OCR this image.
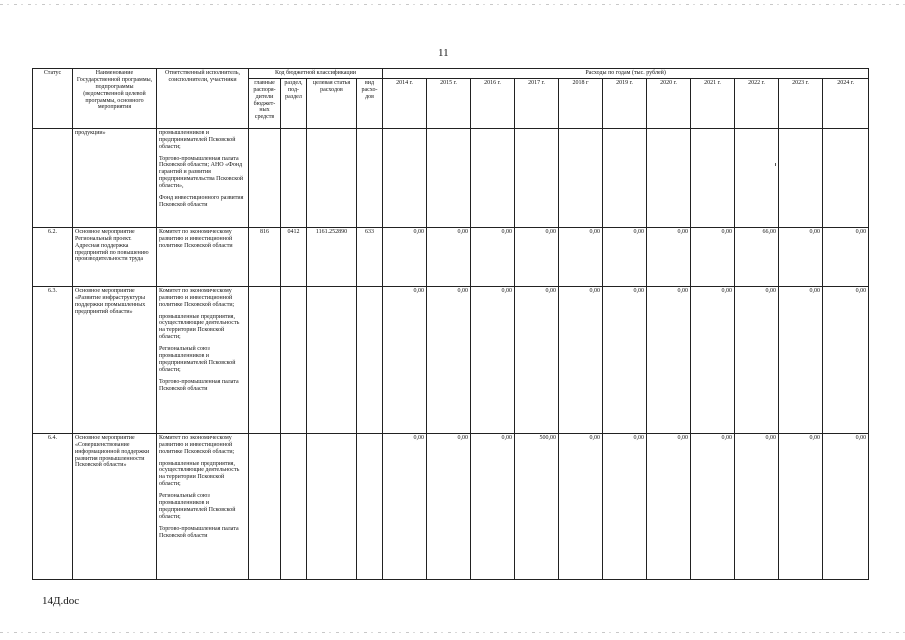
11
Статус	Наименование Государственной программы, подпрограммы (ведомственной целевой программы, основного мероприятия	Ответственный исполнитель, соисполнители, участники	Код бюджетной классификации				Расходы по годам (тыс. рублей)										
			главные распоря-дители бюджет-ных средств	раздел, под-раздел	целевая статья расходов	вид расхо-дов	2014 г.	2015 г.	2016 г.	2017 г.	2018 г	2019 г.	2020 г.	2021 г.	2022 г.	2023 г.	2024 г.
	продукции»	промышленников и предпринимателей Псковской области;
Торгово-промышленная палата Псковской области; АНО «Фонд гарантий и развития предпринимательства Псковской области»,
Фонд инвестиционного развития Псковской области															

6.2.	Основное мероприятие Региональный проект. Адресная поддержка предприятий по повышению производительности труда	Комитет по экономическому развитию и инвестиционной политике Псковской области	816	0412	1161.252890	633	0,00	0,00	0,00	0,00	0,00	0,00	0,00	0,00	66,00	0,00	0,00
6.3.	Основное мероприятие «Развитие инфраструктуры поддержки промышленных предприятий области»	Комитет по экономическому развитию и инвестиционной политике Псковской области;
промышленные предприятия, осуществляющие деятельность на территории Псковской области;
Региональный союз промышленников и предпринимателей Псковской области;
Торгово-промышленная палата Псковской области					0,00	0,00	0,00	0,00	0,00	0,00	0,00	0,00	0,00	0,00	0,00
6.4.	Основное мероприятие «Совершенствование информационной поддержки развития промышленности Псковской области»	Комитет по экономическому развитию и инвестиционной политике Псковской области;
промышленные предприятия, осуществляющие деятельность на территории Псковской области;
Региональный союз промышленников и предпринимателей Псковской области;
Торгово-промышленная палата Псковской области					0,00	0,00	0,00	500,00	0,00	0,00	0,00	0,00	0,00	0,00	0,00
14Д.doc
